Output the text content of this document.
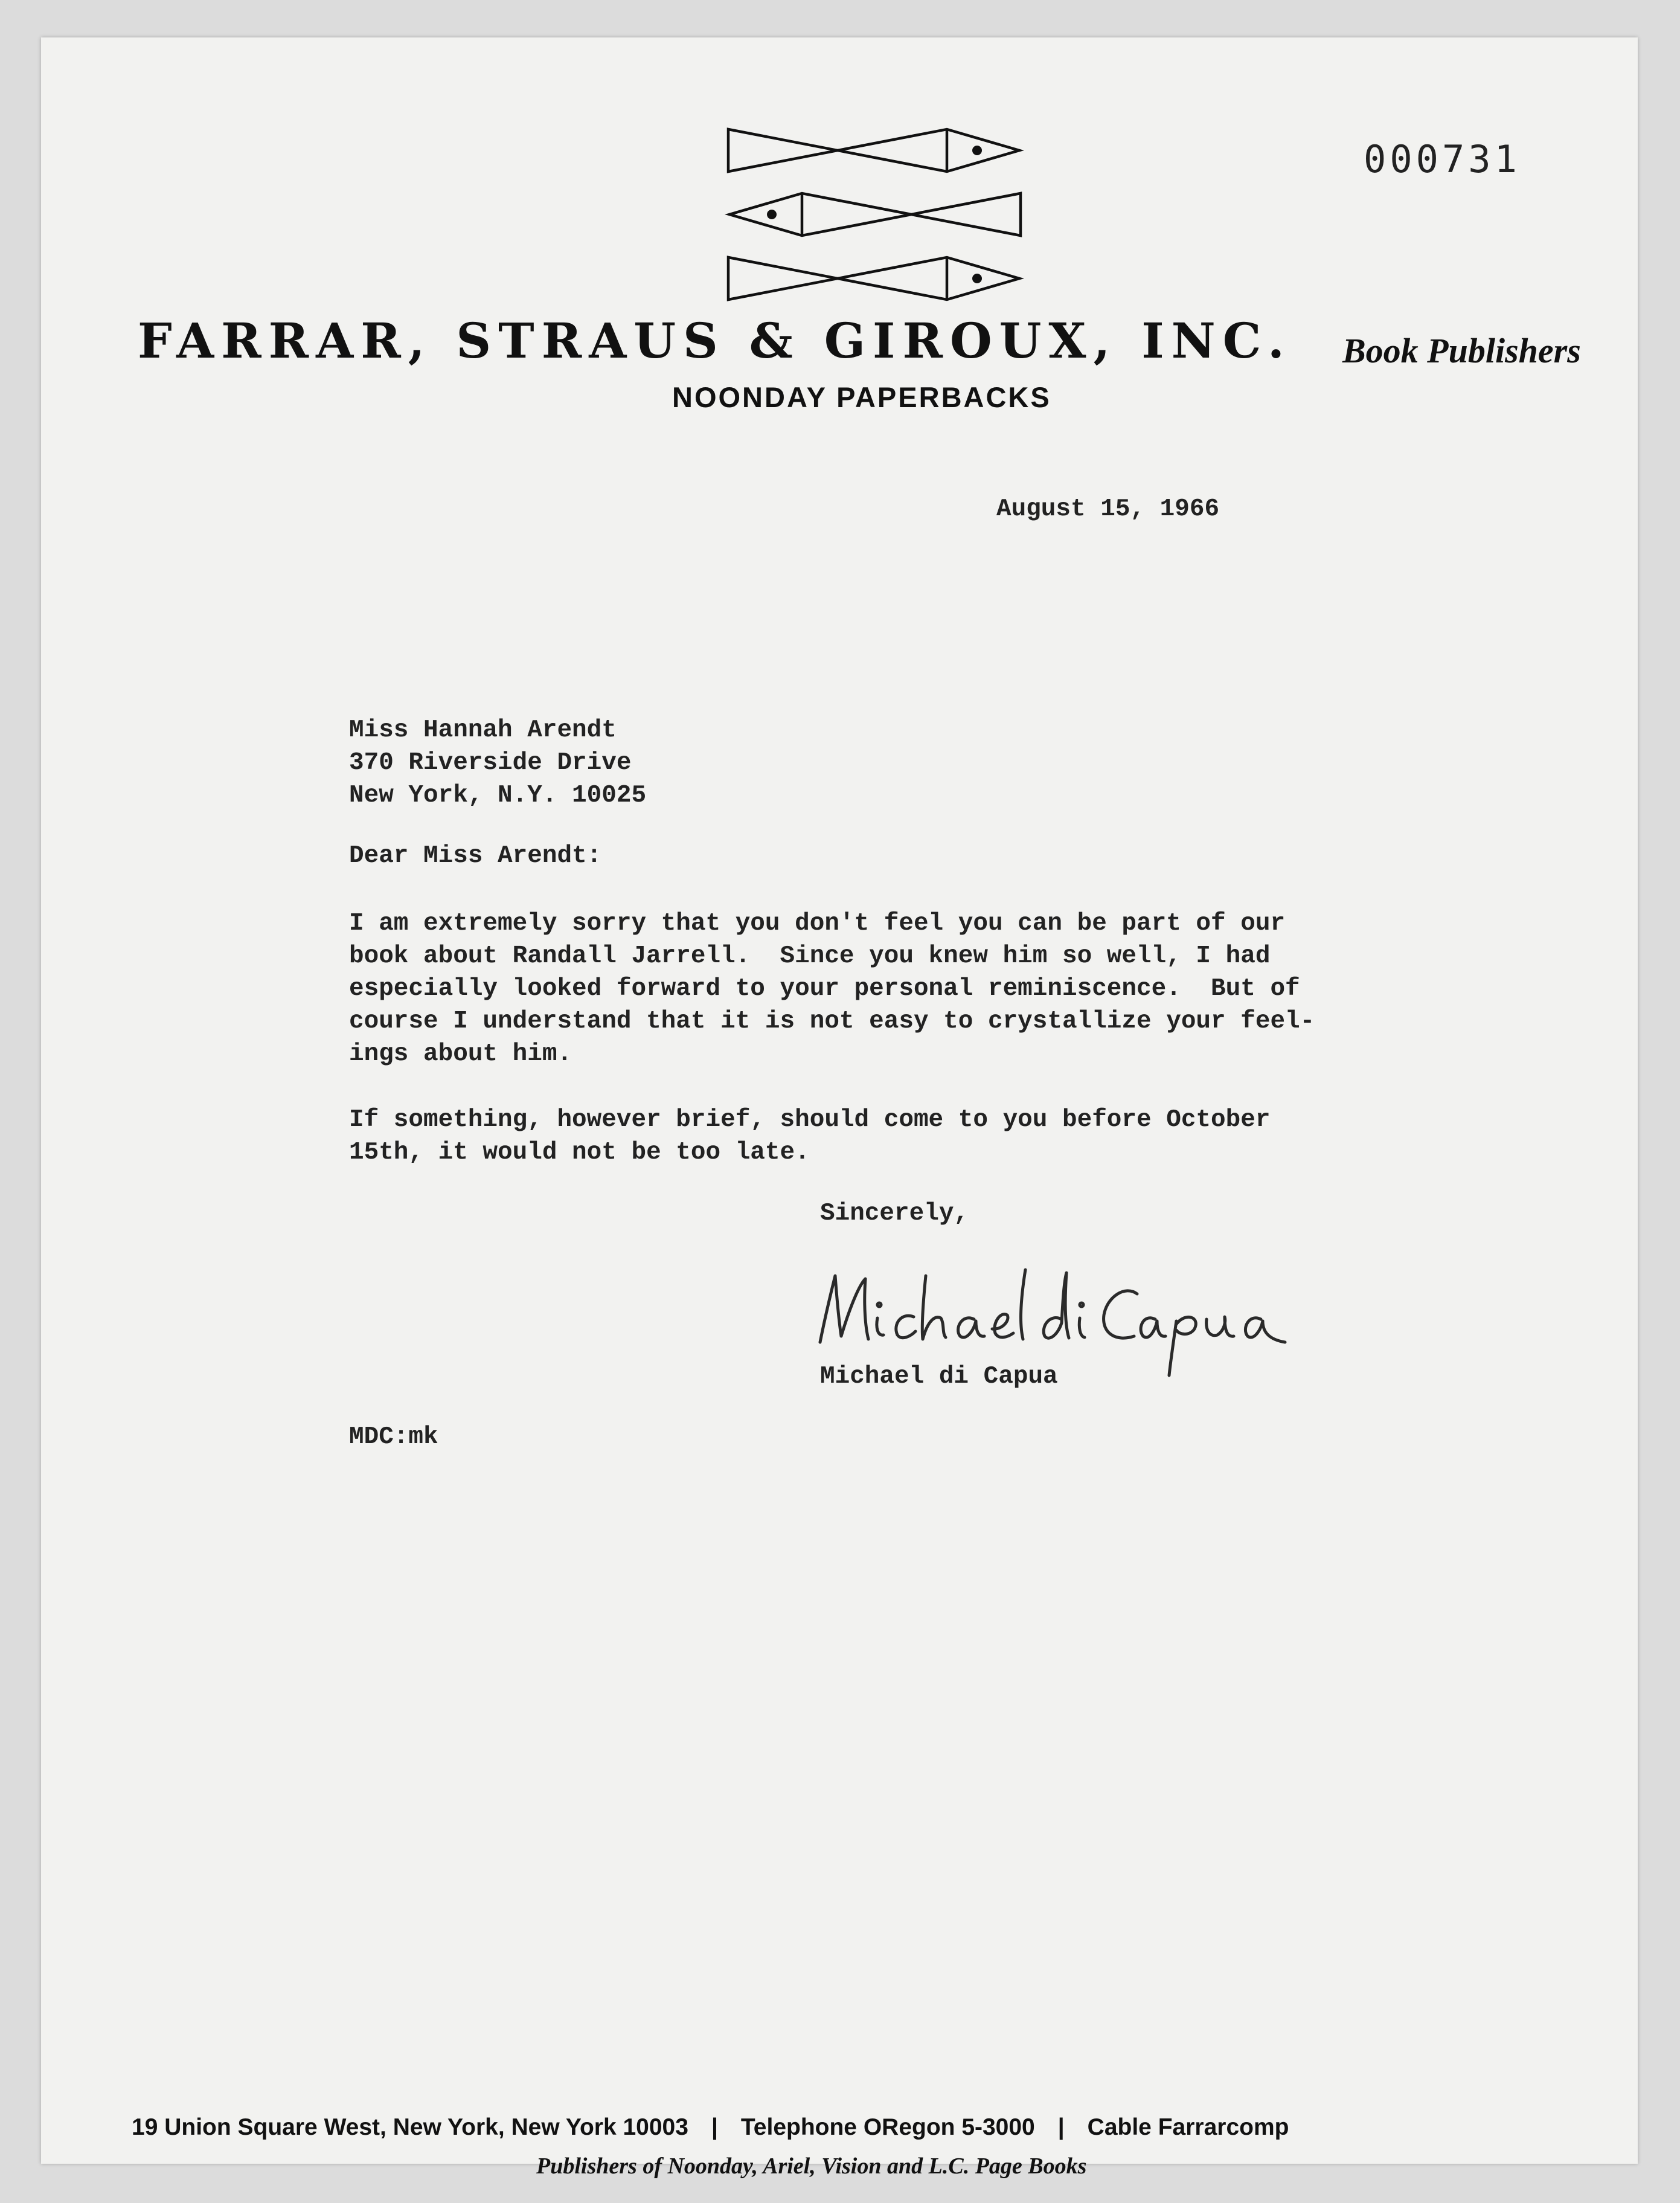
000731
FARRAR, STRAUS & GIROUX, INC. Book Publishers
NOONDAY PAPERBACKS
August 15, 1966
Miss Hannah Arendt
370 Riverside Drive
New York, N.Y. 10025
Dear Miss Arendt:
I am extremely sorry that you don't feel you can be part of our
book about Randall Jarrell.  Since you knew him so well, I had
especially looked forward to your personal reminiscence.  But of
course I understand that it is not easy to crystallize your feel-
ings about him.
If something, however brief, should come to you before October
15th, it would not be too late.
Sincerely,
Michael di Capua
MDC:mk
19 Union Square West, New York, New York 10003 | Telephone ORegon 5-3000 | Cable Farrarcomp
Publishers of Noonday, Ariel, Vision and L.C. Page Books
